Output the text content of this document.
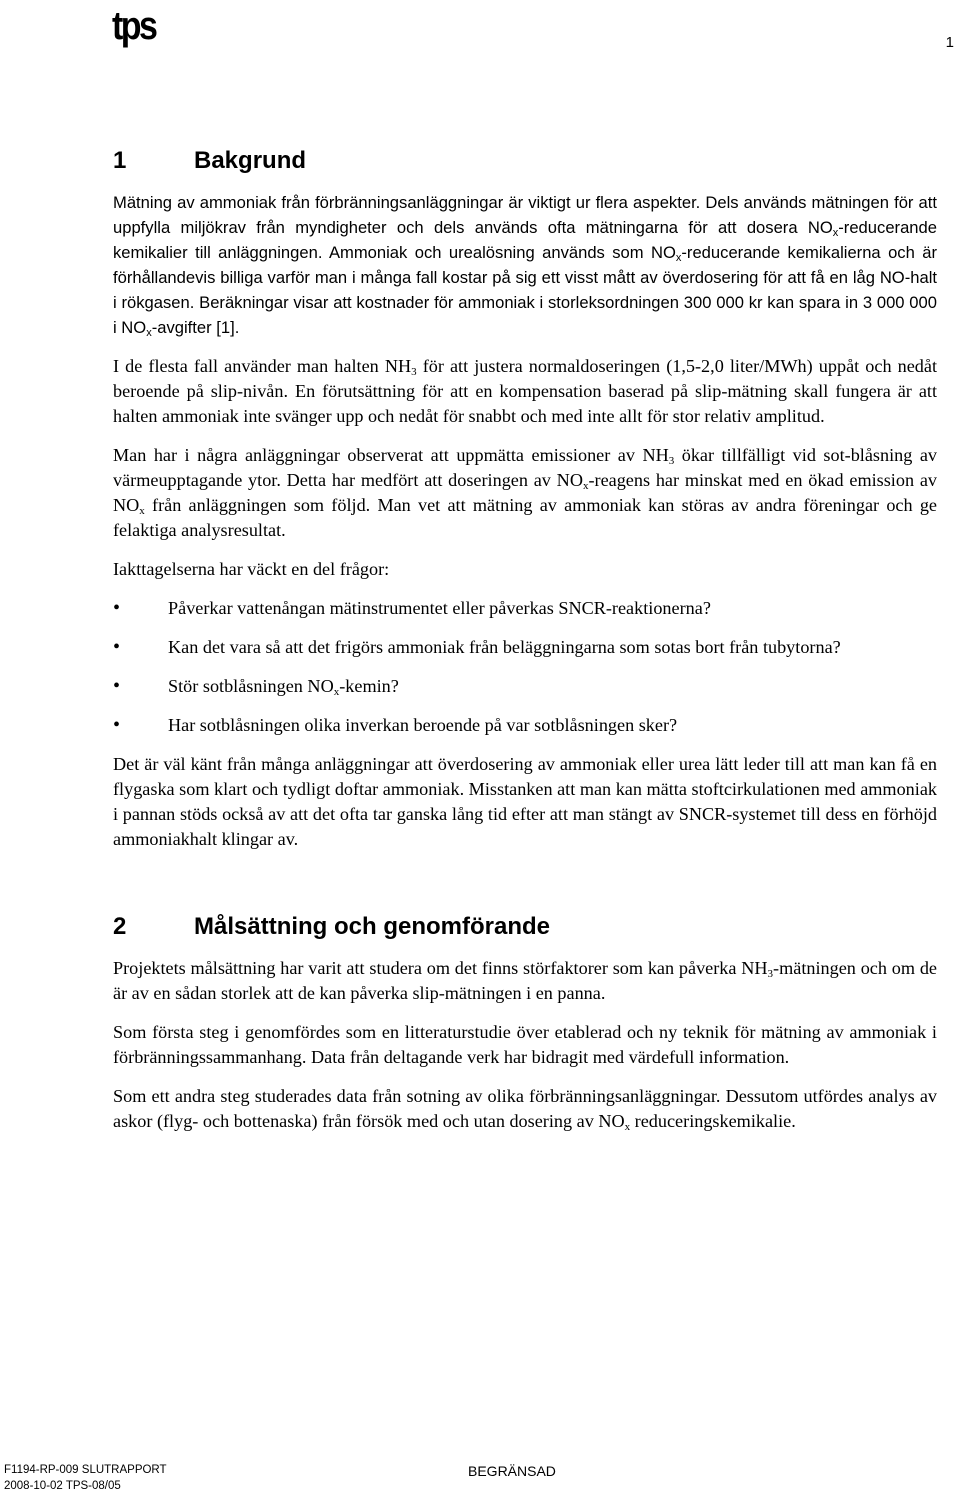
tps	1
1	Bakgrund

Mätning av ammoniak från förbränningsanläggningar är viktigt ur flera aspekter. Dels används mätningen för att uppfylla miljökrav från myndigheter och dels används ofta mätningarna för att dosera $NO_x$-reducerande kemikalier till anläggningen. Ammoniak och urealösning används som $NO_x$-reducerande kemikalierna och är förhållandevis billiga varför man i många fall kostar på sig ett visst mått av överdosering för att få en låg NO-halt i rökgasen. Beräkningar visar att kostnader för ammoniak i storleksordningen 300 000 kr kan spara in 3 000 000 i $NO_x$-avgifter [1].

I de flesta fall använder man halten $NH_3$ för att justera normaldoseringen (1,5-2,0 liter/MWh) uppåt och nedåt beroende på slip-nivån. En förutsättning för att en kompensation baserad på slip-mätning skall fungera är att halten ammoniak inte svänger upp och nedåt för snabbt och med inte allt för stor relativ amplitud.

Man har i några anläggningar observerat att uppmätta emissioner av $NH_3$ ökar tillfälligt vid sot-blåsning av värmeupptagande ytor. Detta har medfört att doseringen av $NO_x$-reagens har minskat med en ökad emission av $NO_x$ från anläggningen som följd. Man vet att mätning av ammoniak kan störas av andra föreningar och ge felaktiga analysresultat.

Iakttagelserna har väckt en del frågor:

• Påverkar vattenångan mätinstrumentet eller påverkas SNCR-reaktionerna?
• Kan det vara så att det frigörs ammoniak från beläggningarna som sotas bort från tubytorna?
• Stör sotblåsningen $NO_x$-kemin?
• Har sotblåsningen olika inverkan beroende på var sotblåsningen sker?

Det är väl känt från många anläggningar att överdosering av ammoniak eller urea lätt leder till att man kan få en flygaska som klart och tydligt doftar ammoniak. Misstanken att man kan mätta stoftcirkulationen med ammoniak i pannan stöds också av att det ofta tar ganska lång tid efter att man stängt av SNCR-systemet till dess en förhöjd ammoniakhalt klingar av.

2	Målsättning och genomförande

Projektets målsättning har varit att studera om det finns störfaktorer som kan påverka $NH_3$-mätningen och om de är av en sådan storlek att de kan påverka slip-mätningen i en panna.

Som första steg i genomfördes som en litteraturstudie över etablerad och ny teknik för mätning av ammoniak i förbränningssammanhang. Data från deltagande verk har bidragit med värdefull information.

Som ett andra steg studerades data från sotning av olika förbränningsanläggningar. Dessutom utfördes analys av askor (flyg- och bottenaska) från försök med och utan dosering av $NO_x$ reduceringskemikalie.

F1194-RP-009 SLUTRAPPORT
2008-10-02 TPS-08/05
BEGRÄNSAD
